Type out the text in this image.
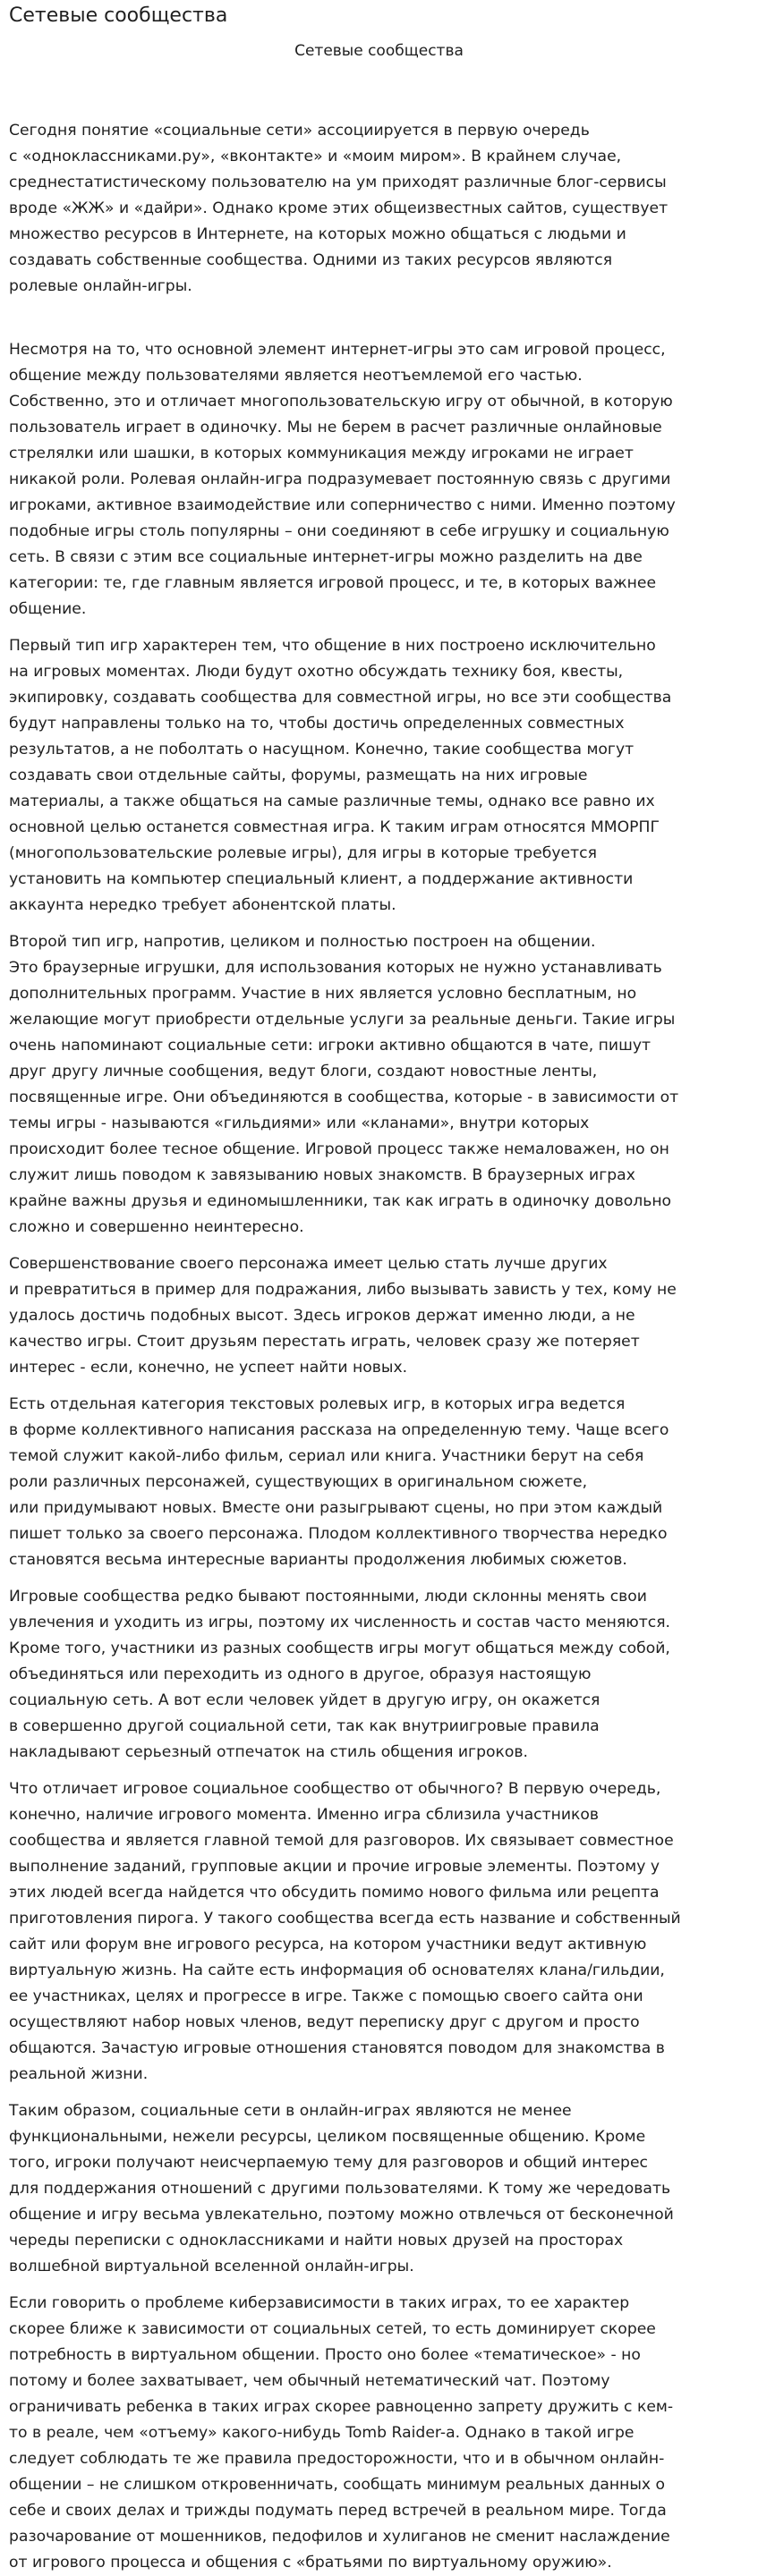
Сетевые сообщества
Сетевые сообщества

Сегодня понятие «социальные сети» ассоциируется в первую очередь
с «одноклассниками.ру», «вконтакте» и «моим миром». В крайнем случае,
среднестатистическому пользователю на ум приходят различные блог-сервисы
вроде «ЖЖ» и «дайри». Однако кроме этих общеизвестных сайтов, существует
множество ресурсов в Интернете, на которых можно общаться с людьми и
создавать собственные сообщества. Одними из таких ресурсов являются
ролевые онлайн-игры.

Несмотря на то, что основной элемент интернет-игры это сам игровой процесс,
общение между пользователями является неотъемлемой его частью.
Собственно, это и отличает многопользовательскую игру от обычной, в которую
пользователь играет в одиночку. Мы не берем в расчет различные онлайновые
стрелялки или шашки, в которых коммуникация между игроками не играет
никакой роли. Ролевая онлайн-игра подразумевает постоянную связь с другими
игроками, активное взаимодействие или соперничество с ними. Именно поэтому
подобные игры столь популярны – они соединяют в себе игрушку и социальную
сеть. В связи с этим все социальные интернет-игры можно разделить на две
категории: те, где главным является игровой процесс, и те, в которых важнее
общение.

Первый тип игр характерен тем, что общение в них построено исключительно
на игровых моментах. Люди будут охотно обсуждать технику боя, квесты,
экипировку, создавать сообщества для совместной игры, но все эти сообщества
будут направлены только на то, чтобы достичь определенных совместных
результатов, а не поболтать о насущном. Конечно, такие сообщества могут
создавать свои отдельные сайты, форумы, размещать на них игровые
материалы, а также общаться на самые различные темы, однако все равно их
основной целью останется совместная игра. К таким играм относятся ММОРПГ
(многопользовательские ролевые игры), для игры в которые требуется
установить на компьютер специальный клиент, а поддержание активности
аккаунта нередко требует абонентской платы.

Второй тип игр, напротив, целиком и полностью построен на общении.
Это браузерные игрушки, для использования которых не нужно устанавливать
дополнительных программ. Участие в них является условно бесплатным, но
желающие могут приобрести отдельные услуги за реальные деньги. Такие игры
очень напоминают социальные сети: игроки активно общаются в чате, пишут
друг другу личные сообщения, ведут блоги, создают новостные ленты,
посвященные игре. Они объединяются в сообщества, которые - в зависимости от
темы игры - называются «гильдиями» или «кланами», внутри которых
происходит более тесное общение. Игровой процесс также немаловажен, но он
служит лишь поводом к завязыванию новых знакомств. В браузерных играх
крайне важны друзья и единомышленники, так как играть в одиночку довольно
сложно и совершенно неинтересно.

Совершенствование своего персонажа имеет целью стать лучше других
и превратиться в пример для подражания, либо вызывать зависть у тех, кому не
удалось достичь подобных высот. Здесь игроков держат именно люди, а не
качество игры. Стоит друзьям перестать играть, человек сразу же потеряет
интерес - если, конечно, не успеет найти новых.

Есть отдельная категория текстовых ролевых игр, в которых игра ведется
в форме коллективного написания рассказа на определенную тему. Чаще всего
темой служит какой-либо фильм, сериал или книга. Участники берут на себя
роли различных персонажей, существующих в оригинальном сюжете,
или придумывают новых. Вместе они разыгрывают сцены, но при этом каждый
пишет только за своего персонажа. Плодом коллективного творчества нередко
становятся весьма интересные варианты продолжения любимых сюжетов.

Игровые сообщества редко бывают постоянными, люди склонны менять свои
увлечения и уходить из игры, поэтому их численность и состав часто меняются.
Кроме того, участники из разных сообществ игры могут общаться между собой,
объединяться или переходить из одного в другое, образуя настоящую
социальную сеть. А вот если человек уйдет в другую игру, он окажется
в совершенно другой социальной сети, так как внутриигровые правила
накладывают серьезный отпечаток на стиль общения игроков.

Что отличает игровое социальное сообщество от обычного? В первую очередь,
конечно, наличие игрового момента. Именно игра сблизила участников
сообщества и является главной темой для разговоров. Их связывает совместное
выполнение заданий, групповые акции и прочие игровые элементы. Поэтому у
этих людей всегда найдется что обсудить помимо нового фильма или рецепта
приготовления пирога. У такого сообщества всегда есть название и собственный
сайт или форум вне игрового ресурса, на котором участники ведут активную
виртуальную жизнь. На сайте есть информация об основателях клана/гильдии,
ее участниках, целях и прогрессе в игре. Также с помощью своего сайта они
осуществляют набор новых членов, ведут переписку друг с другом и просто
общаются. Зачастую игровые отношения становятся поводом для знакомства в
реальной жизни.

Таким образом, социальные сети в онлайн-играх являются не менее
функциональными, нежели ресурсы, целиком посвященные общению. Кроме
того, игроки получают неисчерпаемую тему для разговоров и общий интерес
для поддержания отношений с другими пользователями. К тому же чередовать
общение и игру весьма увлекательно, поэтому можно отвлечься от бесконечной
череды переписки с одноклассниками и найти новых друзей на просторах
волшебной виртуальной вселенной онлайн-игры.

Если говорить о проблеме киберзависимости в таких играх, то ее характер
скорее ближе к зависимости от социальных сетей, то есть доминирует скорее
потребность в виртуальном общении. Просто оно более «тематическое» - но
потому и более захватывает, чем обычный нетематический чат. Поэтому
ограничивать ребенка в таких играх скорее равноценно запрету дружить с кем-
то в реале, чем «отъему» какого-нибудь Tomb Raider-а. Однако в такой игре
следует соблюдать те же правила предосторожности, что и в обычном онлайн-
общении – не слишком откровенничать, сообщать минимум реальных данных о
себе и своих делах и трижды подумать перед встречей в реальном мире. Тогда
разочарование от мошенников, педофилов и хулиганов не сменит наслаждение
от игрового процесса и общения с «братьями по виртуальному оружию».
